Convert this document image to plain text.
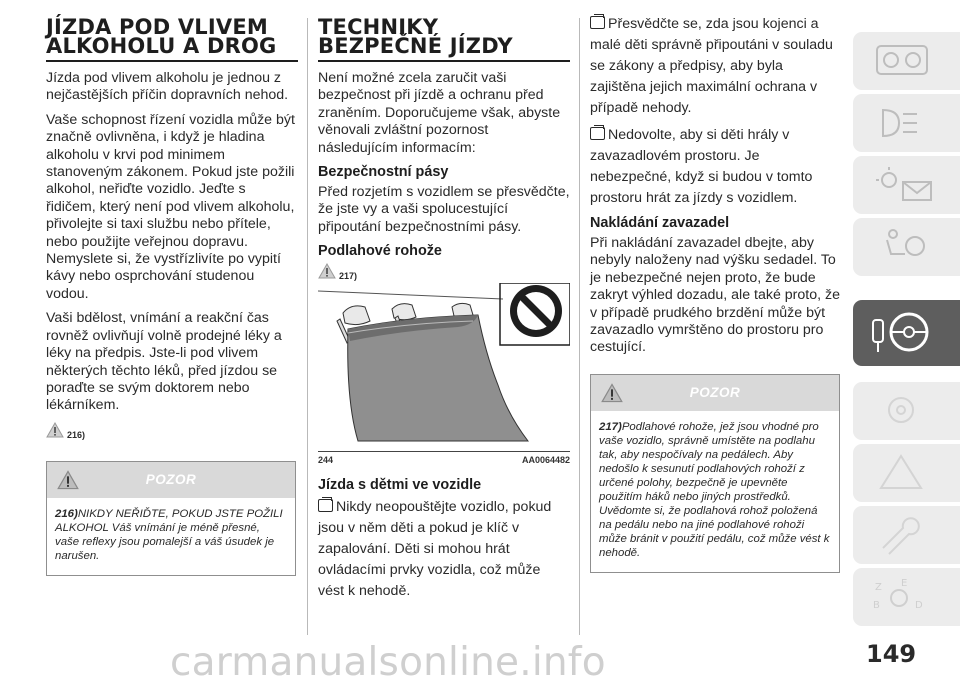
JÍZDA POD VLIVEM
ALKOHOLU A DROG

Jízda pod vlivem alkoholu je jednou z nejčastějších příčin dopravních nehod.

Vaše schopnost řízení vozidla může být značně ovlivněna, i když je hladina alkoholu v krvi pod minimem stanoveným zákonem. Pokud jste požili alkohol, neřiďte vozidlo. Jeďte s řidičem, který není pod vlivem alkoholu, přivolejte si taxi službu nebo přítele, nebo použijte veřejnou dopravu. Nemyslete si, že vystřízlivíte po vypití kávy nebo osprchování studenou vodou.

Vaši bdělost, vnímání a reakční čas rovněž ovlivňují volně prodejné léky a léky na předpis. Jste-li pod vlivem některých těchto léků, před jízdou se poraďte se svým doktorem nebo lékárníkem.

216)
POZOR
216)NIKDY NEŘIĎTE, POKUD JSTE POŽILI ALKOHOL Váš vnímání je méně přesné, vaše reflexy jsou pomalejší a váš úsudek je narušen.
TECHNIKY
BEZPEČNÉ JÍZDY

Není možné zcela zaručit vaši bezpečnost při jízdě a ochranu před zraněním. Doporučujeme však, abyste věnovali zvláštní pozornost následujícím informacím:

Bezpečnostní pásy

Před rozjetím s vozidlem se přesvědčte, že jste vy a vaši spolucestující připoutání bezpečnostními pásy.

Podlahové rohože
217)
244	AA0064482
Jízda s dětmi ve vozidle

Nikdy neopouštějte vozidlo, pokud jsou v něm děti a pokud je klíč v zapalování. Děti si mohou hrát ovládacími prvky vozidla, což může vést k nehodě.

Přesvědčte se, zda jsou kojenci a malé děti správně připoutáni v souladu se zákony a předpisy, aby byla zajištěna jejich maximální ochrana v případě nehody.

Nedovolte, aby si děti hrály v zavazadlovém prostoru. Je nebezpečné, když si budou v tomto prostoru hrát za jízdy s vozidlem.

Nakládání zavazadel

Při nakládání zavazadel dbejte, aby nebyly naloženy nad výšku sedadel. To je nebezpečné nejen proto, že bude zakryt výhled dozadu, ale také proto, že v případě prudkého brzdění může být zavazadlo vymrštěno do prostoru pro cestující.

POZOR
217)Podlahové rohože, jež jsou vhodné pro vaše vozidlo, správně umístěte na podlahu tak, aby nespočívaly na pedálech. Aby nedošlo k sesunutí podlahových rohoží z určené polohy, bezpečně je upevněte použitím háků nebo jiných prostředků. Uvědomte si, že podlahová rohož položená na pedálu nebo na jiné podlahové rohoži může bránit v použití pedálu, což může vést k nehodě.
Z E
B	D
149
carmanualsonline.info
